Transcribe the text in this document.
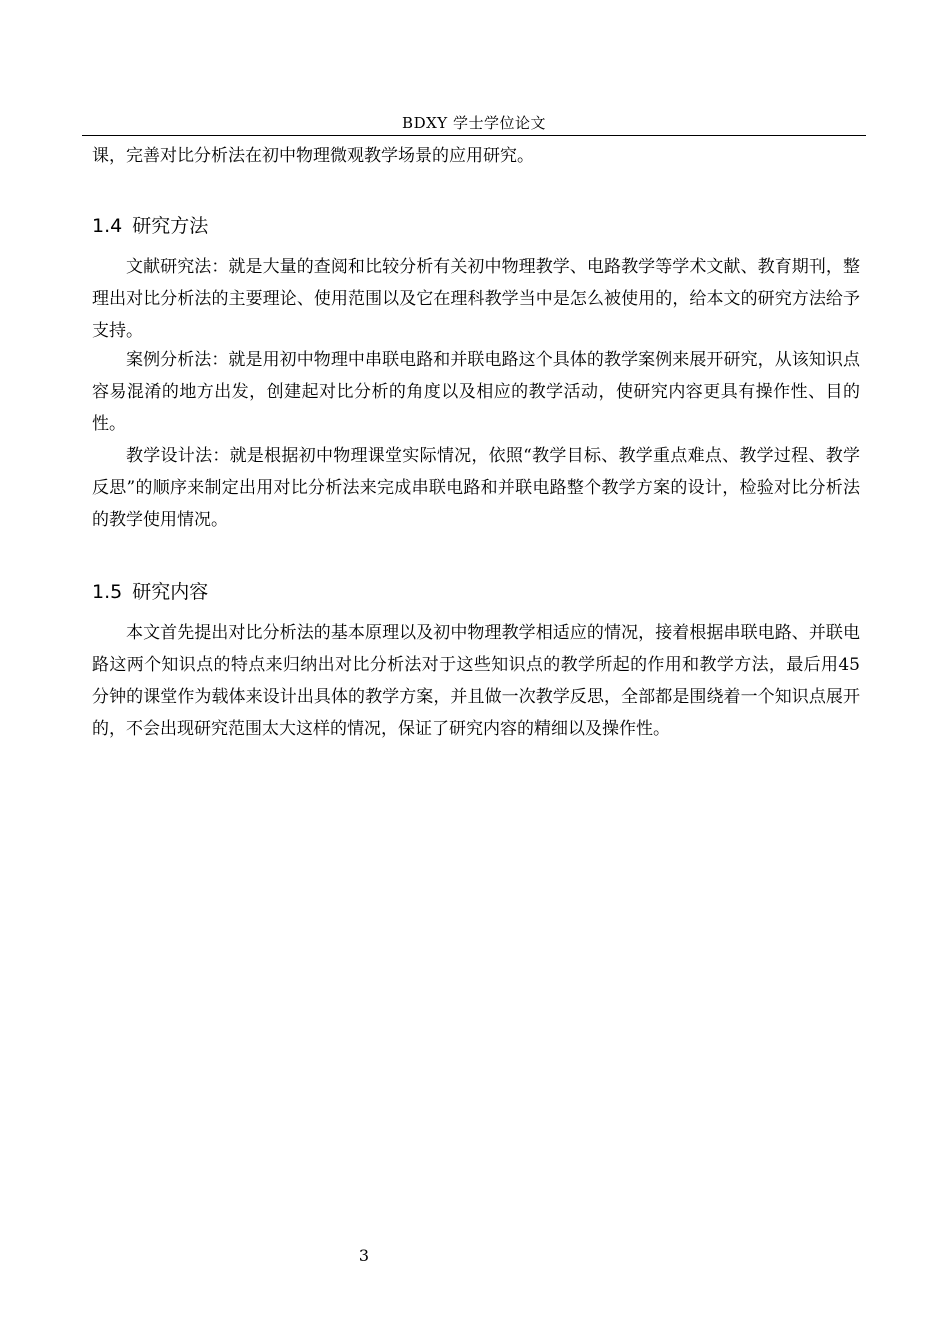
BDXY 学士学位论文

课，完善对比分析法在初中物理微观教学场景的应用研究。

1.4 研究方法

文献研究法：就是大量的查阅和比较分析有关初中物理教学、电路教学等学术文献、教育期刊，整理出对比分析法的主要理论、使用范围以及它在理科教学当中是怎么被使用的，给本文的研究方法给予支持。

案例分析法：就是用初中物理中串联电路和并联电路这个具体的教学案例来展开研究，从该知识点容易混淆的地方出发，创建起对比分析的角度以及相应的教学活动，使研究内容更具有操作性、目的性。

教学设计法：就是根据初中物理课堂实际情况，依照“教学目标、教学重点难点、教学过程、教学反思”的顺序来制定出用对比分析法来完成串联电路和并联电路整个教学方案的设计，检验对比分析法的教学使用情况。

1.5 研究内容

本文首先提出对比分析法的基本原理以及初中物理教学相适应的情况，接着根据串联电路、并联电路这两个知识点的特点来归纳出对比分析法对于这些知识点的教学所起的作用和教学方法，最后用45分钟的课堂作为载体来设计出具体的教学方案，并且做一次教学反思，全部都是围绕着一个知识点展开的，不会出现研究范围太大这样的情况，保证了研究内容的精细以及操作性。

3
